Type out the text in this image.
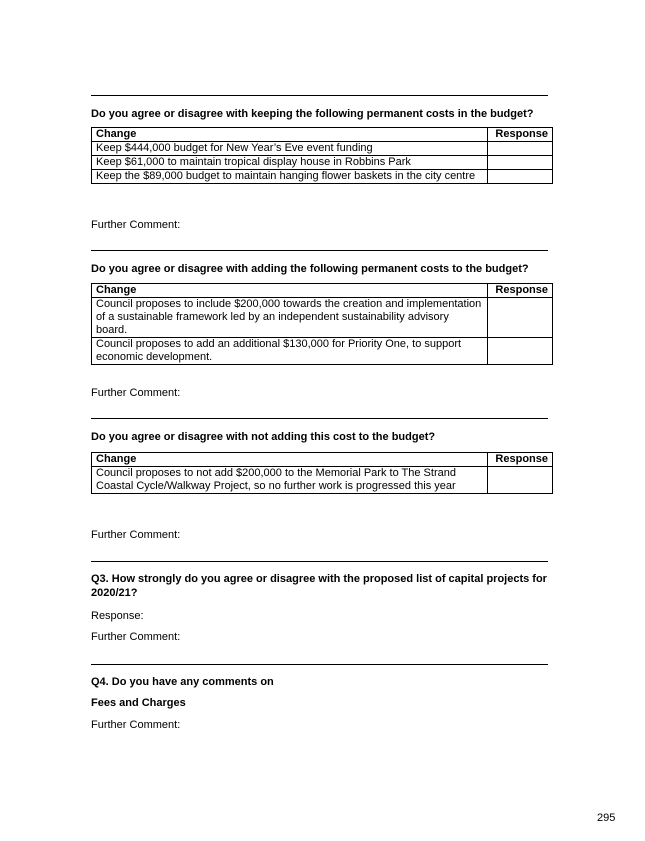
Do you agree or disagree with keeping the following permanent costs in the budget?
Change	Response
Keep $444,000 budget for New Year’s Eve event funding	
Keep $61,000 to maintain tropical display house in Robbins Park	
Keep the $89,000 budget to maintain hanging flower baskets in the city centre	
Further Comment:
Do you agree or disagree with adding the following permanent costs to the budget?
Change	Response
Council proposes to include $200,000 towards the creation and implementation of a sustainable framework led by an independent sustainability advisory board.	
Council proposes to add an additional $130,000 for Priority One, to support economic development.	
Further Comment:
Do you agree or disagree with not adding this cost to the budget?
Change	Response
Council proposes to not add $200,000 to the Memorial Park to The Strand Coastal Cycle/Walkway Project, so no further work is progressed this year	
Further Comment:
Q3. How strongly do you agree or disagree with the proposed list of capital projects for 2020/21?
Response:
Further Comment:
Q4. Do you have any comments on
Fees and Charges
Further Comment:
295
